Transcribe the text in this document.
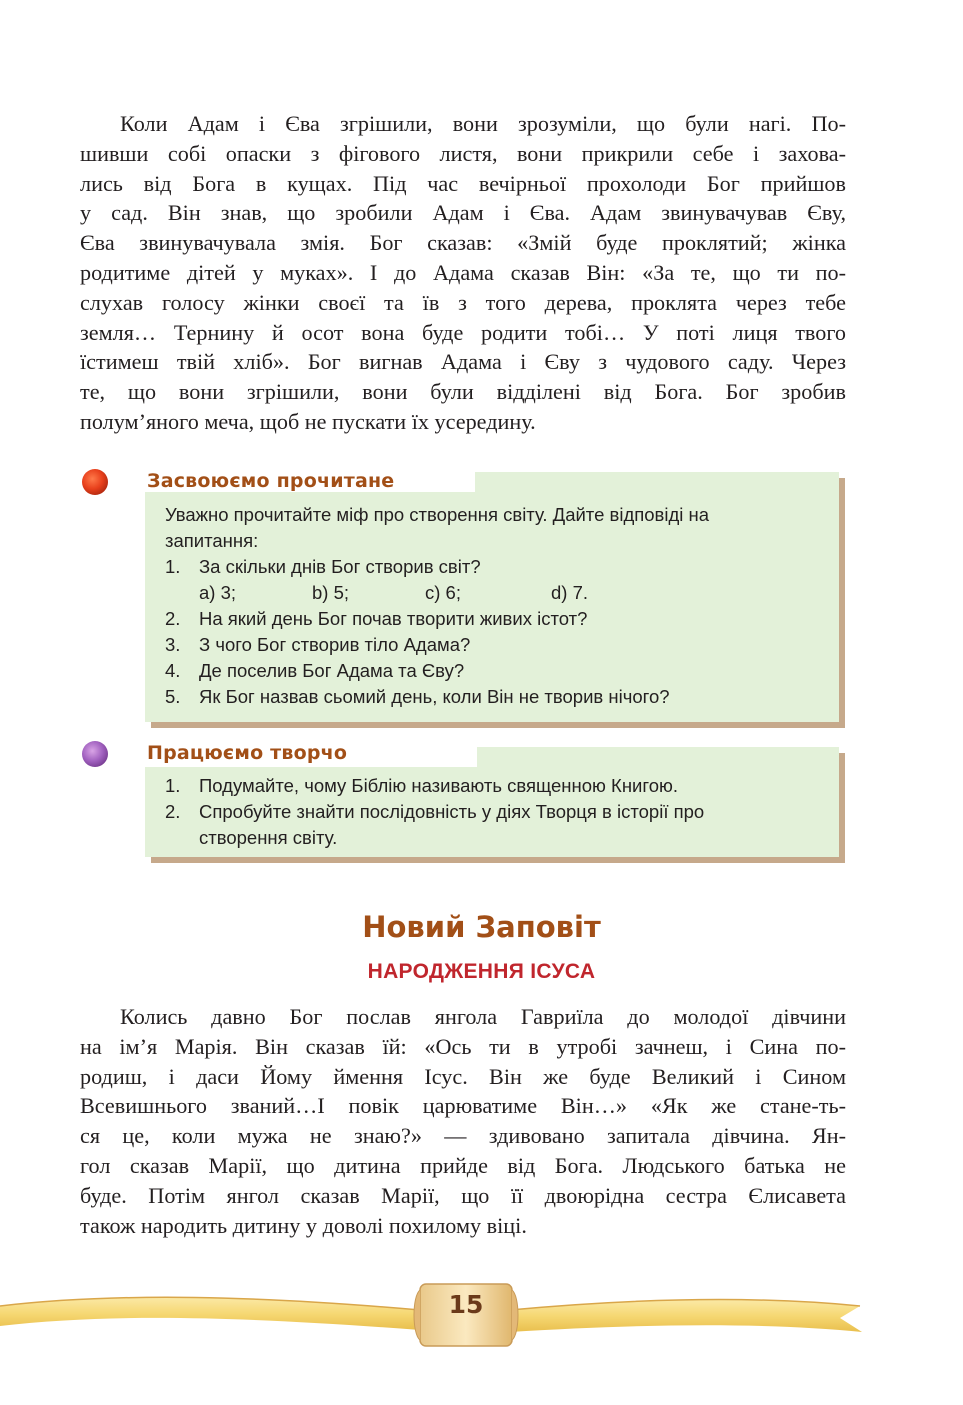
Коли Адам і Єва згрішили, вони зрозуміли, що були нагі. По-
шивши собі опаски з фігового листя, вони прикрили себе і захова-
лись від Бога в кущах. Під час вечірньої прохолоди Бог прийшов
у сад. Він знав, що зробили Адам і Єва. Адам звинувачував Єву,
Єва звинувачувала змія. Бог сказав: «Змій буде проклятий; жінка
родитиме дітей у муках». І до Адама сказав Він: «За те, що ти по-
слухав голосу жінки своєї та їв з того дерева, проклята через тебе
земля… Тернину й осот вона буде родити тобі… У поті лиця твого
їстимеш твій хліб». Бог вигнав Адама і Єву з чудового саду. Через
те, що вони згрішили, вони були відділені від Бога. Бог зробив
полум’яного меча, щоб не пускати їх усередину.
Засвоюємо прочитане
Уважно прочитайте міф про створення світу. Дайте відповіді на
запитання:
1. За скільки днів Бог створив світ?
a) 3;	b) 5;	c) 6;	d) 7.
2. На який день Бог почав творити живих істот?
3. З чого Бог створив тіло Адама?
4. Де поселив Бог Адама та Єву?
5. Як Бог назвав сьомий день, коли Він не творив нічого?
Працюємо творчо
1. Подумайте, чому Біблію називають священною Книгою.
2. Спробуйте знайти послідовність у діях Творця в історії про
створення світу.
Новий Заповіт
НАРОДЖЕННЯ ІСУСА
Колись давно Бог послав янгола Гавриїла до молодої дівчини
на ім’я Марія. Він сказав їй: «Ось ти в утробі зачнеш, і Сина по-
родиш, і даси Йому ймення Ісус. Він же буде Великий і Сином
Всевишнього званий…І повік царюватиме Він…» «Як же стане-ть-
ся це, коли мужа не знаю?» — здивовано запитала дівчина. Ян-
гол сказав Марії, що дитина прийде від Бога. Людського батька не
буде. Потім янгол сказав Марії, що її двоюрідна сестра Єлисавета
також народить дитину у доволі похилому віці.
15
